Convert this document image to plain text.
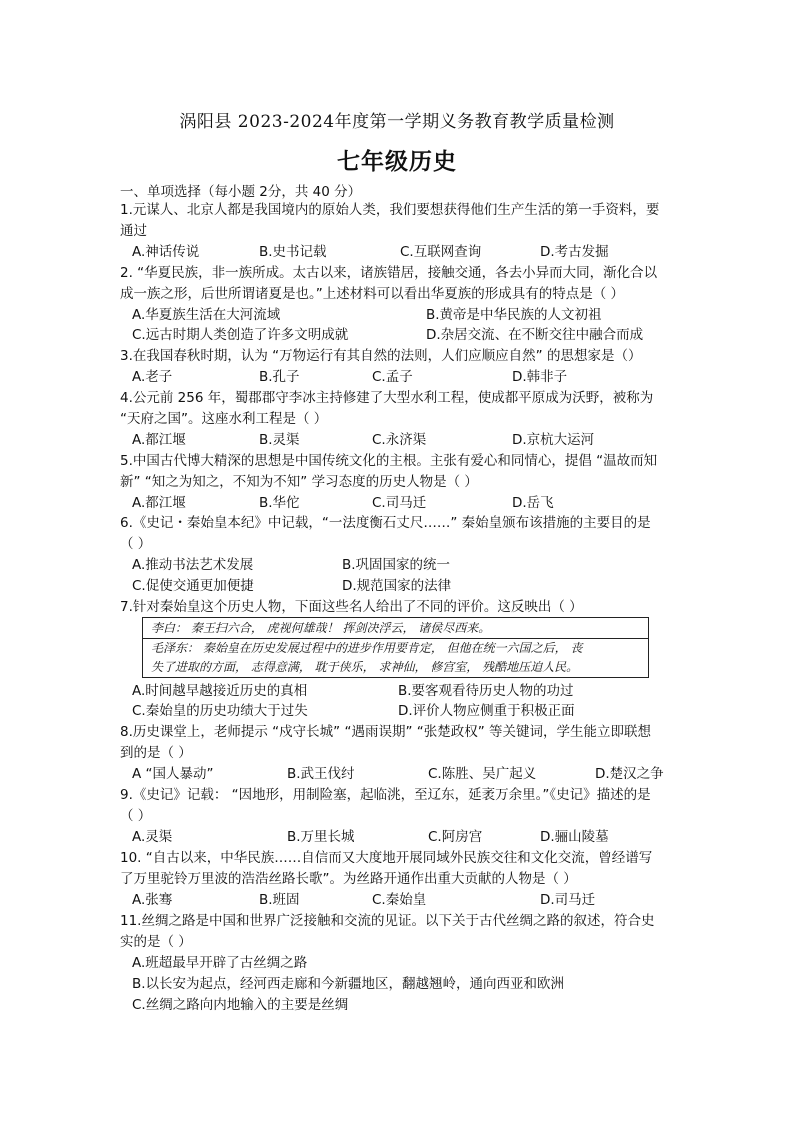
涡阳县 2023-2024年度第一学期义务教育教学质量检测
七年级历史
一、单项选择（每小题 2分，共 40 分）
1.元谋人、北京人都是我国境内的原始人类，我们要想获得他们生产生活的第一手资料，要
通过
A.神话传说	B.史书记载	C.互联网查询	D.考古发掘
2. “华夏民族，非一族所成。太古以来，诸族错居，接触交通，各去小异而大同，渐化合以
成一族之形，后世所谓诸夏是也。”上述材料可以看出华夏族的形成具有的特点是（ ）
A.华夏族生活在大河流域	B.黄帝是中华民族的人文初祖
C.远古时期人类创造了许多文明成就	D.杂居交流、在不断交往中融合而成
3.在我国春秋时期，认为 “万物运行有其自然的法则，人们应顺应自然” 的思想家是（）
A.老子	B.孔子	C.孟子	D.韩非子
4.公元前 256 年，蜀郡郡守李冰主持修建了大型水利工程，使成都平原成为沃野，被称为
“天府之国”。这座水利工程是（ ）
A.都江堰	B.灵渠	C.永济渠	D.京杭大运河
5.中国古代博大精深的思想是中国传统文化的主根。主张有爱心和同情心，提倡 “温故而知
新” “知之为知之，不知为不知” 学习态度的历史人物是（ ）
A.都江堰	B.华佗	C.司马迁	D.岳飞
6.《史记・秦始皇本纪》中记载，“一法度衡石丈尺……” 秦始皇颁布该措施的主要目的是
（ ）
A.推动书法艺术发展	B.巩固国家的统一
C.促使交通更加便捷	D.规范国家的法律
7.针对秦始皇这个历史人物，下面这些名人给出了不同的评价。这反映出（ ）
李白： 秦王扫六合， 虎视何雄哉！ 挥剑决浮云， 诸侯尽西来。
毛泽东： 秦始皇在历史发展过程中的进步作用要肯定， 但他在统一六国之后， 丧
失了进取的方面， 志得意满， 耽于侠乐， 求神仙， 修宫室， 残酷地压迫人民。
A.时间越早越接近历史的真相	B.要客观看待历史人物的功过
C.秦始皇的历史功绩大于过失	D.评价人物应侧重于积极正面
8.历史课堂上，老师提示 “戍守长城” “遇雨误期” “张楚政权” 等关键词，学生能立即联想
到的是（ ）
A “国人暴动”	B.武王伐纣	C.陈胜、吴广起义	D.楚汉之争
9.《史记》记载： “因地形，用制险塞，起临洮，至辽东，延袤万余里。”《史记》描述的是
（ ）
A.灵渠	B.万里长城	C.阿房宫	D.骊山陵墓
10. “自古以来，中华民族……自信而又大度地开展同域外民族交往和文化交流，曾经谱写
了万里驼铃万里波的浩浩丝路长歌”。为丝路开通作出重大贡献的人物是（ ）
A.张骞	B.班固	C.秦始皇	D.司马迁
11.丝绸之路是中国和世界广泛接触和交流的见证。以下关于古代丝绸之路的叙述，符合史
实的是（ ）
A.班超最早开辟了古丝绸之路
B.以长安为起点，经河西走廊和今新疆地区，翻越翘岭，通向西亚和欧洲
C.丝绸之路向内地输入的主要是丝绸
